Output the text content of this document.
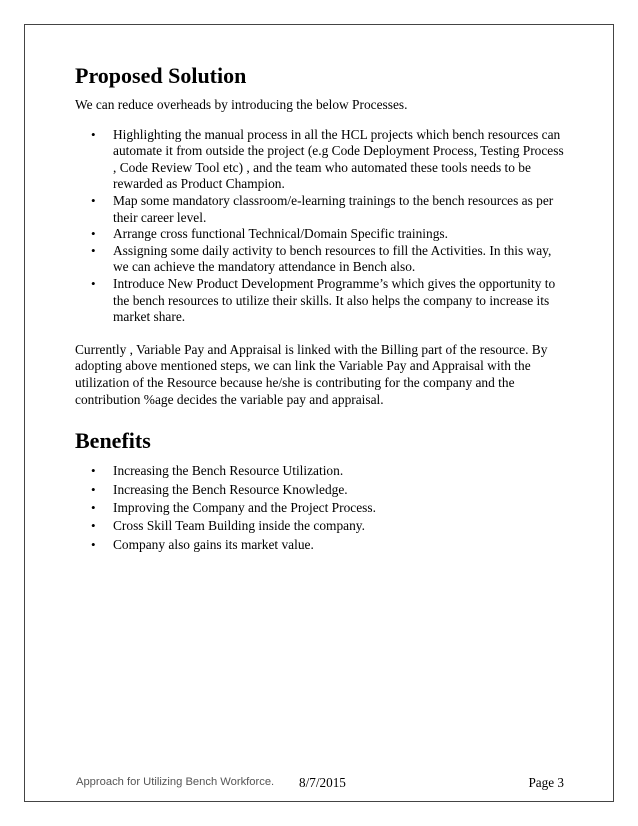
Proposed Solution

We can reduce overheads by introducing the below Processes.

• Highlighting the manual process in all the HCL projects which bench resources can automate it from outside the project (e.g Code Deployment Process, Testing Process , Code Review Tool etc) , and the team who automated these tools needs to be rewarded as Product Champion.
• Map some mandatory classroom/e-learning trainings to the bench resources as per their career level.
• Arrange cross functional Technical/Domain Specific trainings.
• Assigning some daily activity to bench resources to fill the Activities. In this way, we can achieve the mandatory attendance in Bench also.
• Introduce New Product Development Programme’s which gives the opportunity to the bench resources to utilize their skills. It also helps the company to increase its market share.

Currently , Variable Pay and Appraisal is linked with the Billing part of the resource. By adopting above mentioned steps, we can link the Variable Pay and Appraisal with the utilization of the Resource because he/she is contributing for the company and the contribution %age decides the variable pay and appraisal.

Benefits
• Increasing the Bench Resource Utilization.
• Increasing the Bench Resource Knowledge.
• Improving the Company and the Project Process.
• Cross Skill Team Building inside the company.
• Company also gains its market value.
Approach for Utilizing Bench Workforce. 8/7/2015	Page 3
